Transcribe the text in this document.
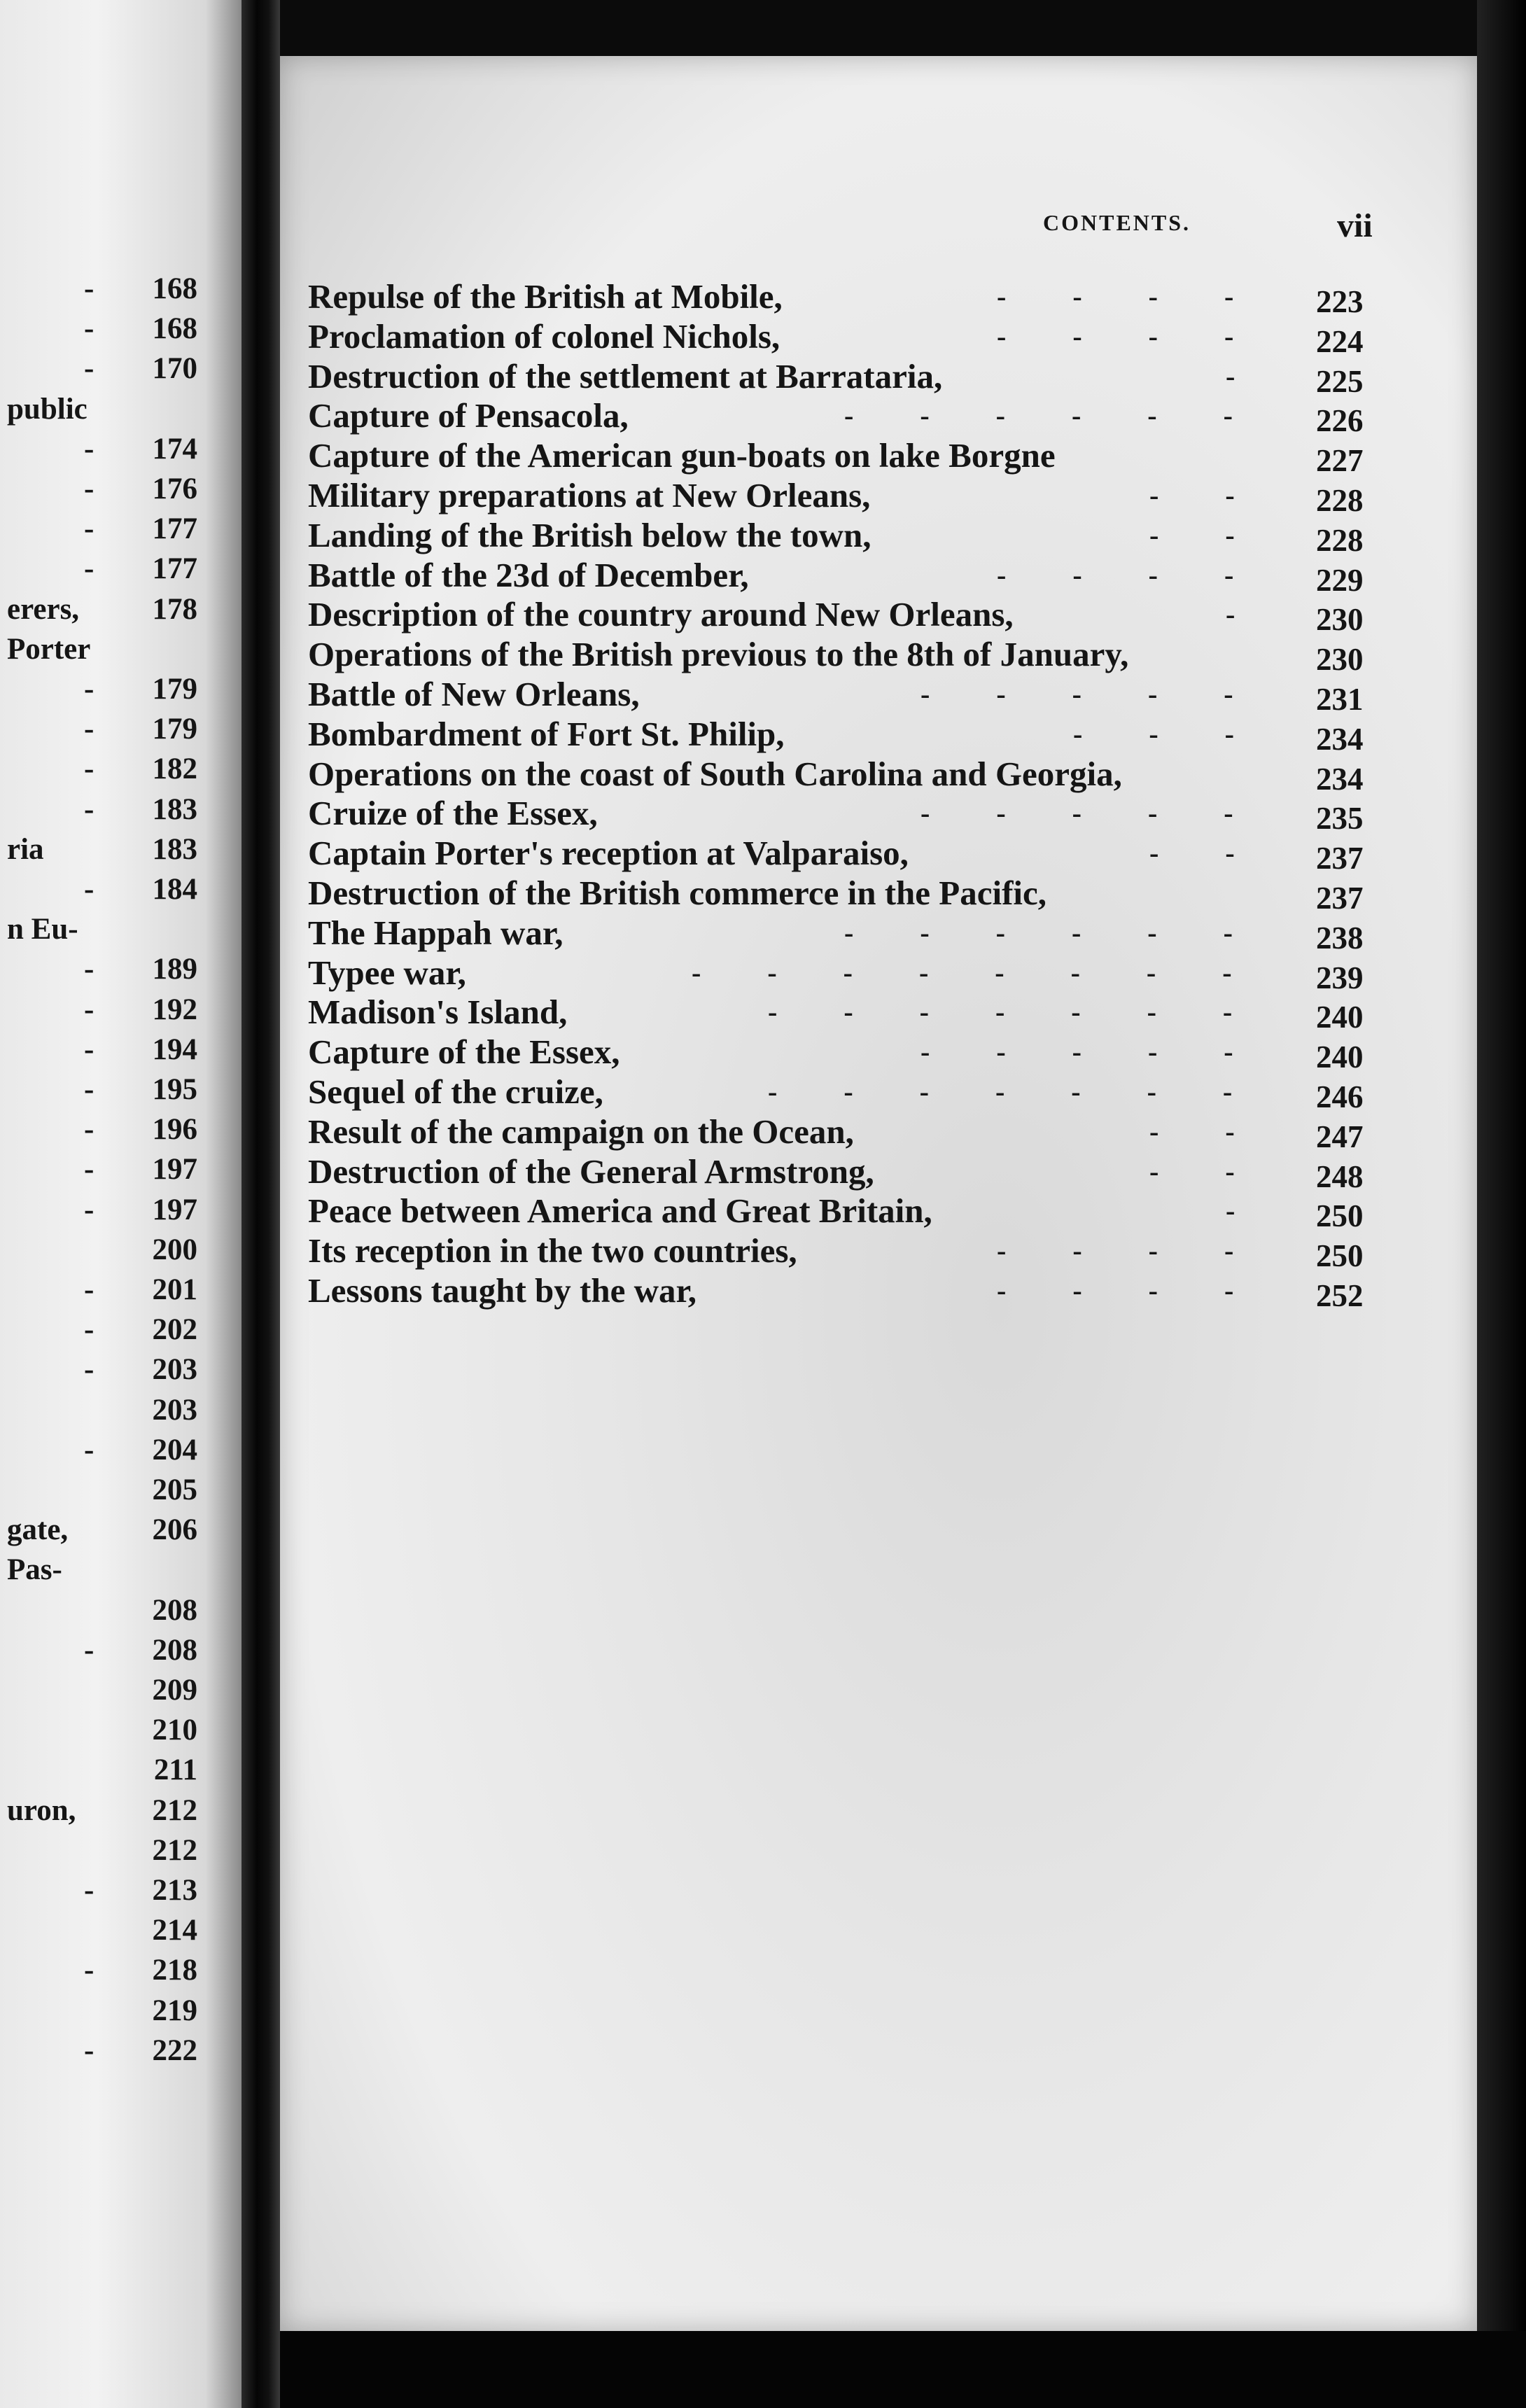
- 168
- 168
- 170
public
- 174
- 176
- 177
- 177
erers, 178
Porter
- 179
- 179
- 182
- 183
ria	183
- 184
n Eu-
- 189
- 192
- 194
- 195
- 196
- 197
- 197
200
- 201
- 202
- 203
203
- 204
205
gate,	206
Pas-
208
- 208
209
210
211
uron,	212
212
- 213
214
- 218
219
- 222
CONTENTS.	vii
Repulse of the British at Mobile,	---- 223
Proclamation of colonel Nichols,	---- 224
Destruction of the settlement at Barrataria,	- 225
Capture of Pensacola,	------ 226
Capture of the American gun-boats on lake Borgne	227
Military preparations at New Orleans,	-- 228
Landing of the British below the town,	-- 228
Battle of the 23d of December,	---- 229
Description of the country around New Orleans,	- 230
Operations of the British previous to the 8th of January,	230
Battle of New Orleans,	----- 231
Bombardment of Fort St. Philip,	--- 234
Operations on the coast of South Carolina and Georgia,	234
Cruize of the Essex,	----- 235
Captain Porter's reception at Valparaiso,	-- 237
Destruction of the British commerce in the Pacific,	237
The Happah war,	------ 238
Typee war,	-------- 239
Madison's Island,	------- 240
Capture of the Essex,	----- 240
Sequel of the cruize,	------- 246
Result of the campaign on the Ocean,	-- 247
Destruction of the General Armstrong,	-- 248
Peace between America and Great Britain,	- 250
Its reception in the two countries,	---- 250
Lessons taught by the war,	---- 252
